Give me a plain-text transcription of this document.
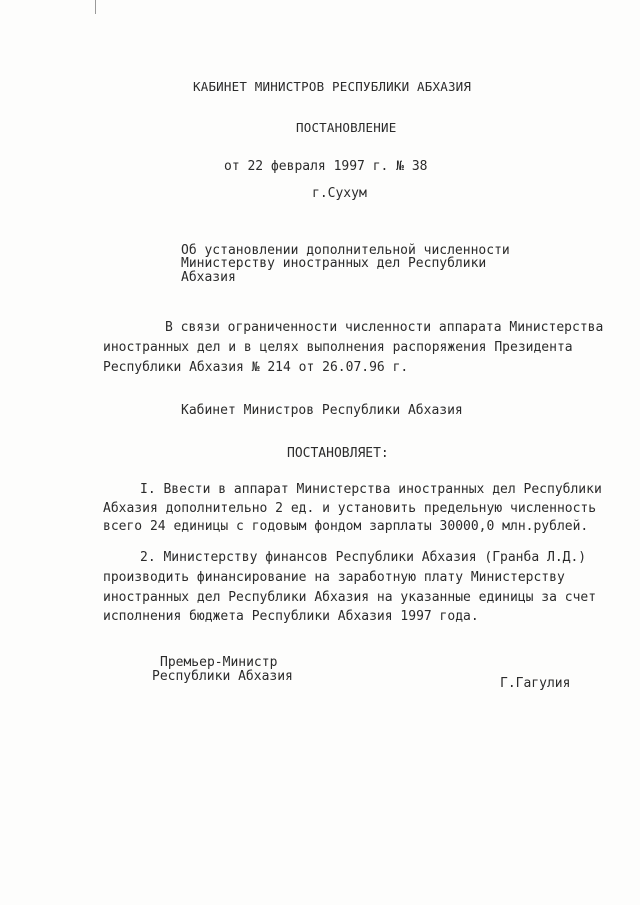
КАБИНЕТ МИНИСТРОВ РЕСПУБЛИКИ АБХАЗИЯ
ПОСТАНОВЛЕНИЕ
от 22 февраля 1997 г. № 38
г.Сухум
Об установлении дополнительной численности
Министерству иностранных дел Республики
Абхазия
В связи ограниченности численности аппарата Министерства
иностранных дел и в целях выполнения распоряжения Президента
Республики Абхазия № 214 от 26.07.96 г.
Кабинет Министров Республики Абхазия
ПОСТАНОВЛЯЕТ:
I. Ввести в аппарат Министерства иностранных дел Республики
Абхазия дополнительно 2 ед. и установить предельную численность
всего 24 единицы с годовым фондом зарплаты 30000,0 млн.рублей.
2. Министерству финансов Республики Абхазия (Гранба Л.Д.)
производить финансирование на заработную плату Министерству
иностранных дел Республики Абхазия на указанные единицы за счет
исполнения бюджета Республики Абхазия 1997 года.
Премьер-Министр
Республики Абхазия	Г.Гагулия
